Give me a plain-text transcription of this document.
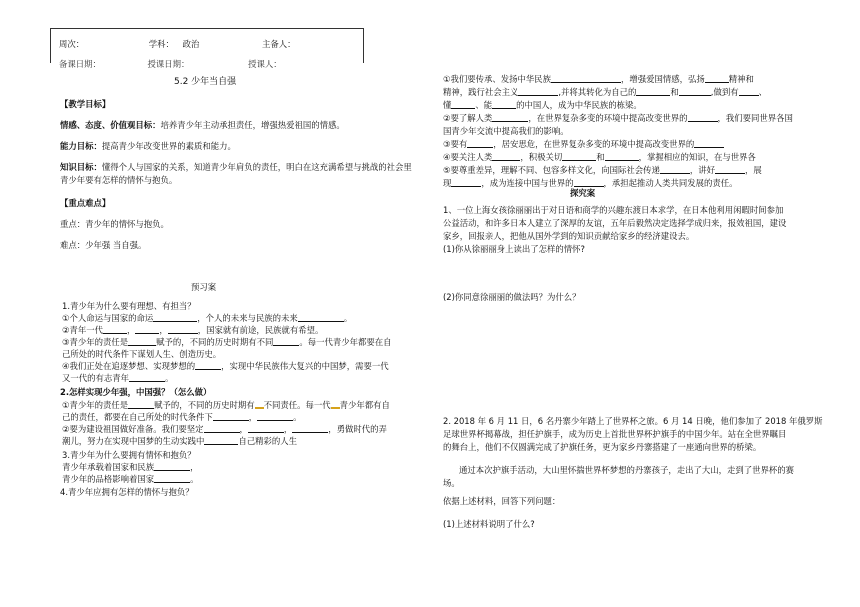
周次：	学科： 政治	主备人：
备课日期：	授课日期：	授课人：
5.2 少年当自强
【教学目标】
情感、态度、价值观目标：培养青少年主动承担责任，增强热爱祖国的情感。
能力目标：提高青少年改变世界的素质和能力。
知识目标：懂得个人与国家的关系，知道青少年肩负的责任，明白在这充满希望与挑战的社会里
青少年要有怎样的情怀与抱负。
【重点难点】
重点：青少年的情怀与抱负。
难点：少年强 当自强。
预习案
1.青少年为什么要有理想、有担当？
①个人命运与国家的命运	，个人的未来与民族的未来	。
②青年一代	，	，	，国家就有前途，民族就有希望。
③青少年的责任是	赋予的，不同的历史时期有不同	。每一代青少年都要在自
己所处的时代条件下谋划人生、创造历史。
④我们正处在追逐梦想、实现梦想的	，实现中华民族伟大复兴的中国梦，需要一代
又一代的有志青年	。
2.怎样实现少年强，中国强？（怎么做）
①青少年的责任是	赋予的，不同的历史时期有 不同责任。每一代 青少年都有自
己的责任，都要在自己所处的时代条件下	，	。
②要为建设祖国做好准备。我们要坚定	，	，	，勇做时代的弄
潮儿，努力在实现中国梦的生动实践中	自己精彩的人生
3.青少年为什么要拥有情怀和抱负？
青少年承载着国家和民族	，
青少年的品格影响着国家	。
4.青少年应拥有怎样的情怀与抱负？
①我们要传承、发扬中华民族	，增强爱国情感，弘扬	精神和
精神，践行社会主义	,并将其转化为自己的	和	,做到有 、
懂	、能	的中国人，成为中华民族的栋梁。
②要了解人类	，在世界复杂多变的环境中提高改变世界的	，我们要同世界各国
国青少年交流中提高我们的影响。
③要有	，居安思危，在世界复杂多变的环境中提高改变世界的
④要关注人类	，积极关切	和	，掌握相应的知识，在与世界各
⑤要尊重差异，理解不同、包容多样文化，向国际社会传递	，讲好	，展
现	，成为连接中国与世界的	，承担起推动人类共同发展的责任。
探究案
1、一位上海女孩徐丽丽出于对日语和商学的兴趣东渡日本求学，在日本他利用闲暇时间参加
公益活动，和许多日本人建立了深厚的友谊，五年后毅然决定选择学成归来，报效祖国，建设
家乡，回报亲人，把他从国外学到的知识贡献给家乡的经济建设去。
(1)你从徐丽丽身上读出了怎样的情怀?
(2)你同意徐丽丽的做法吗？为什么？
2. 2018 年 6 月 11 日，6 名丹寨少年踏上了世界杯之旅。6 月 14 日晚，他们参加了 2018 年俄罗斯
足球世界杯揭幕战，担任护旗手，成为历史上首批世界杯护旗手的中国少年。站在全世界瞩目
的舞台上，他们不仅圆满完成了护旗任务，更为家乡丹寨搭建了一座通向世界的桥梁。
通过本次护旗手活动，大山里怀揣世界杯梦想的丹寨孩子，走出了大山，走到了世界杯的赛
场。
依据上述材料，回答下列问题：
(1)上述材料说明了什么?
